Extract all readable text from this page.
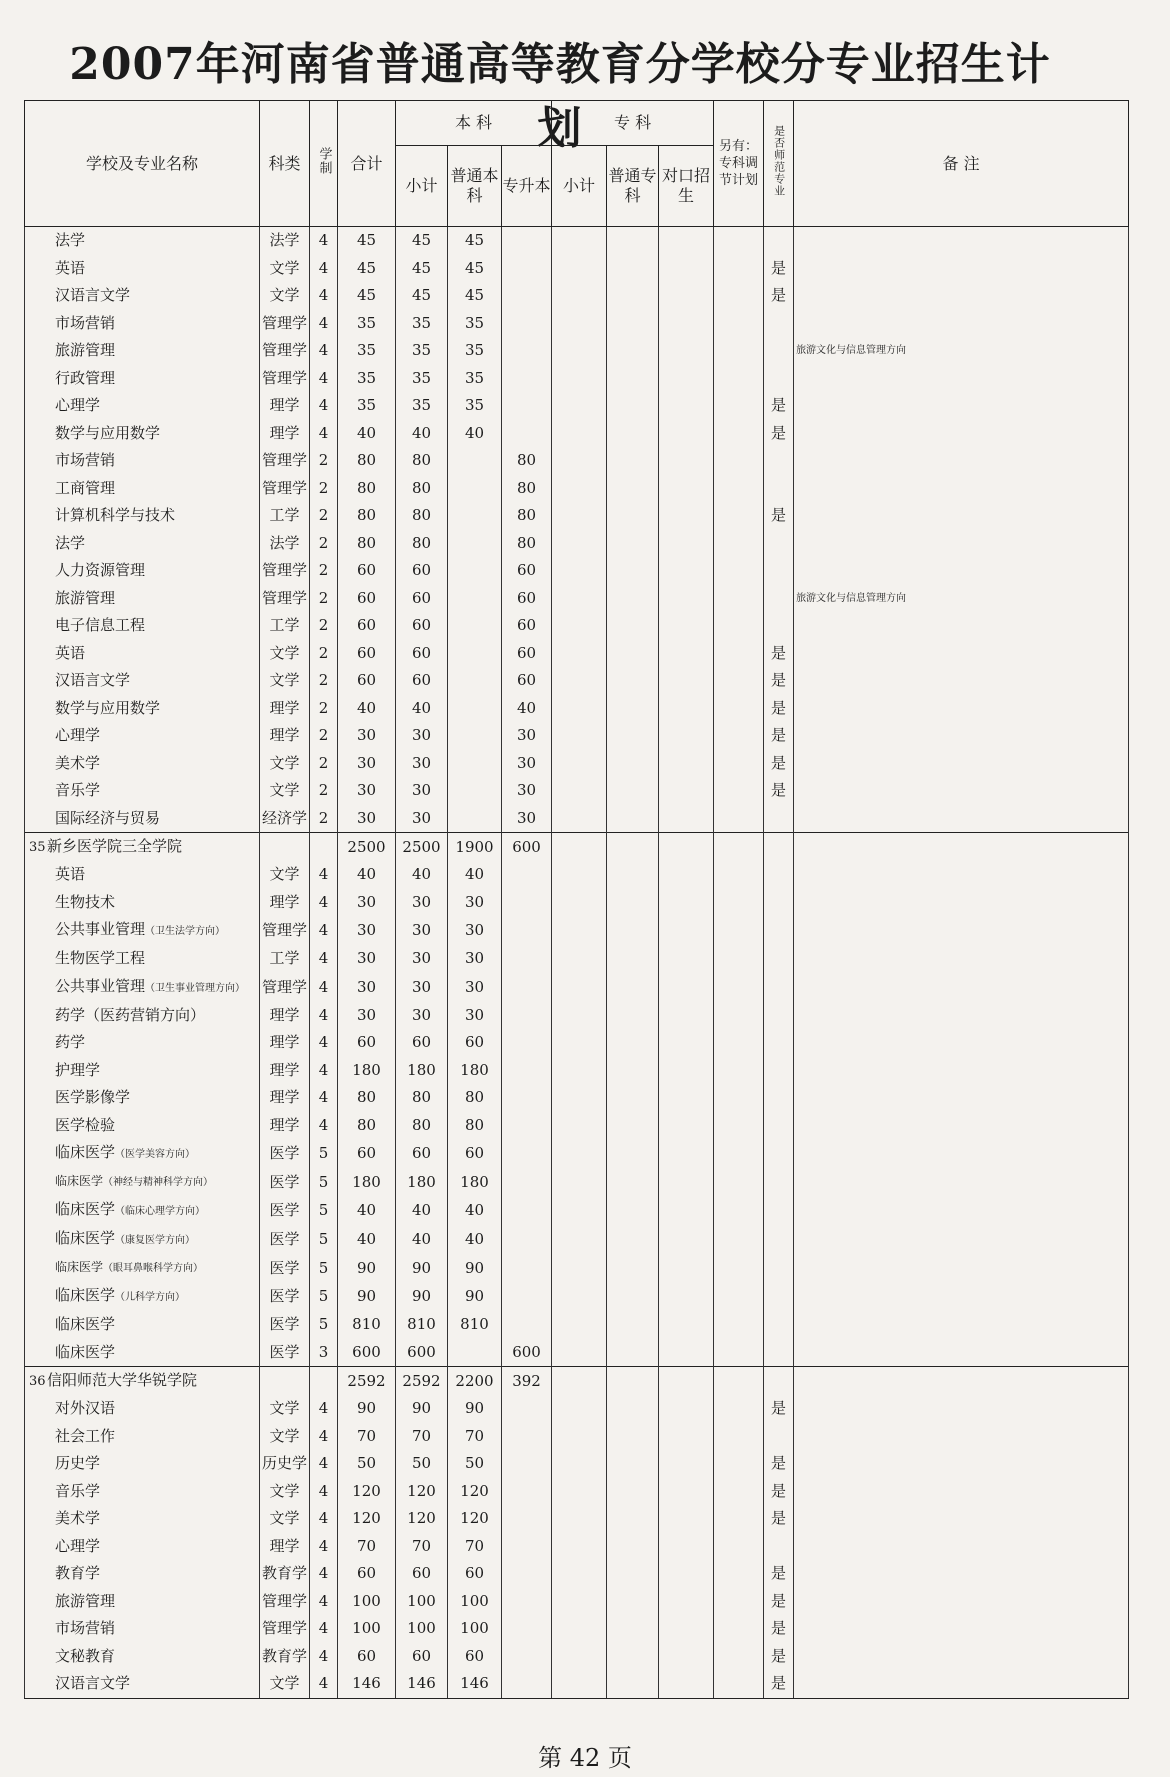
2007年河南省普通高等教育分学校分专业招生计划
学校及专业名称	科类	学制	合计	本 科			专 科			另有：专科调节计划	是否师范专业	备 注
				小计	普通本科	专升本	小计	普通专科	对口招生			
法学	法学	4	45	45	45							
英语	文学	4	45	45	45						是	
汉语言文学	文学	4	45	45	45						是	
市场营销	管理学	4	35	35	35							
旅游管理	管理学	4	35	35	35							旅游文化与信息管理方向
行政管理	管理学	4	35	35	35							
心理学	理学	4	35	35	35						是	
数学与应用数学	理学	4	40	40	40						是	
市场营销	管理学	2	80	80		80						
工商管理	管理学	2	80	80		80						
计算机科学与技术	工学	2	80	80		80					是	
法学	法学	2	80	80		80						
人力资源管理	管理学	2	60	60		60						
旅游管理	管理学	2	60	60		60						旅游文化与信息管理方向
电子信息工程	工学	2	60	60		60						
英语	文学	2	60	60		60					是	
汉语言文学	文学	2	60	60		60					是	
数学与应用数学	理学	2	40	40		40					是	
心理学	理学	2	30	30		30					是	
美术学	文学	2	30	30		30					是	
音乐学	文学	2	30	30		30					是	
国际经济与贸易	经济学	2	30	30		30						
35新乡医学院三全学院			2500	2500	1900	600						
英语	文学	4	40	40	40							
生物技术	理学	4	30	30	30							
公共事业管理（卫生法学方向）	管理学	4	30	30	30							
生物医学工程	工学	4	30	30	30							
公共事业管理（卫生事业管理方向）	管理学	4	30	30	30							
药学（医药营销方向）	理学	4	30	30	30							
药学	理学	4	60	60	60							
护理学	理学	4	180	180	180							
医学影像学	理学	4	80	80	80							
医学检验	理学	4	80	80	80							
临床医学（医学美容方向）	医学	5	60	60	60							
临床医学（神经与精神科学方向）	医学	5	180	180	180							
临床医学（临床心理学方向）	医学	5	40	40	40							
临床医学（康复医学方向）	医学	5	40	40	40							
临床医学（眼耳鼻喉科学方向）	医学	5	90	90	90							
临床医学（儿科学方向）	医学	5	90	90	90							
临床医学	医学	5	810	810	810							
临床医学	医学	3	600	600		600						
36信阳师范大学华锐学院			2592	2592	2200	392						
对外汉语	文学	4	90	90	90						是	
社会工作	文学	4	70	70	70							
历史学	历史学	4	50	50	50						是	
音乐学	文学	4	120	120	120						是	
美术学	文学	4	120	120	120						是	
心理学	理学	4	70	70	70							
教育学	教育学	4	60	60	60						是	
旅游管理	管理学	4	100	100	100						是	
市场营销	管理学	4	100	100	100						是	
文秘教育	教育学	4	60	60	60						是	
汉语言文学	文学	4	146	146	146						是	
第 42 页
